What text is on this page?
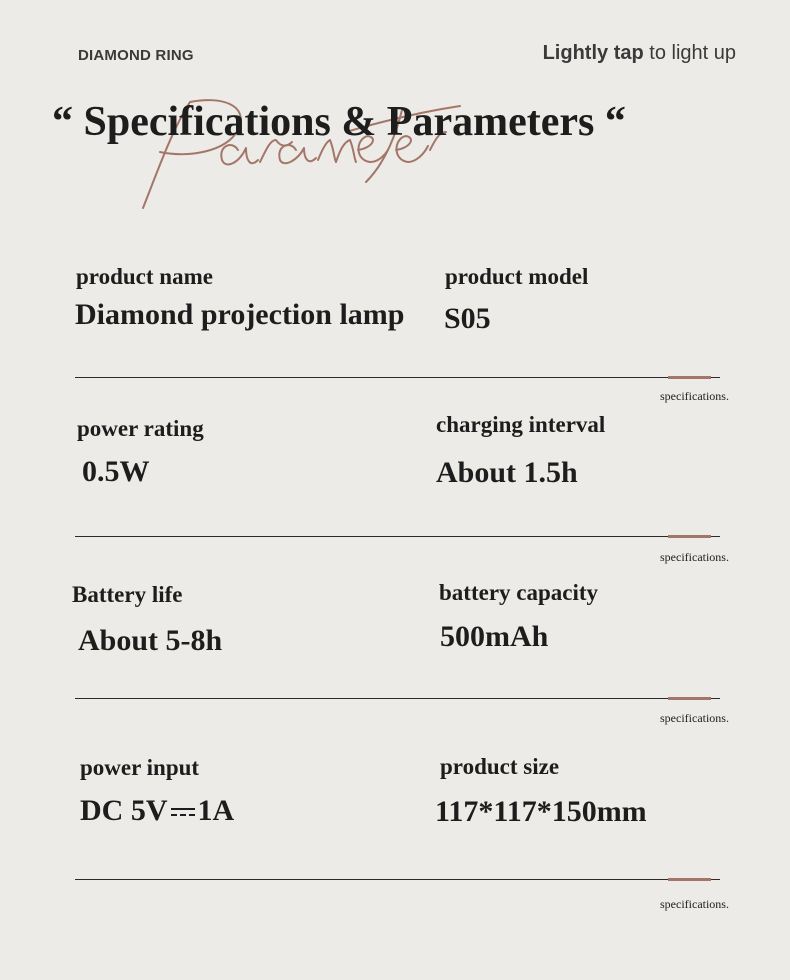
DIAMOND RING	Lightly tap to light up
“ Specifications & Parameters “
product name
Diamond projection lamp
product model
S05
specifications.
power rating
0.5W
charging interval
About 1.5h
specifications.
Battery life
About 5-8h
battery capacity
500mAh
specifications.
power input
DC 5V 1A
product size
117*117*150mm
specifications.
